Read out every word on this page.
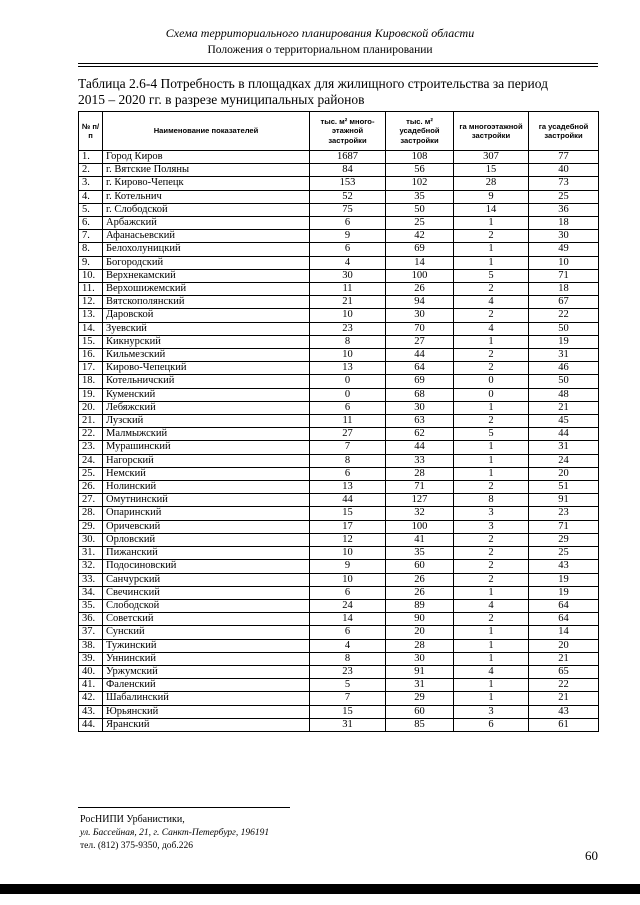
Схема территориального планирования Кировской области
Положения о территориальном планировании
Таблица 2.6-4 Потребность в площадках для жилищного строительства за период
2015 – 2020 гг. в разрезе муниципальных районов
№ п/п	Наименование показателей	тыс. м² много-этажной застройки	тыс. м² усадебной застройки	га многоэтажной застройки	га усадебной застройки
1.	Город Киров	1687	108	307	77
2.	г. Вятские Поляны	84	56	15	40
3.	г. Кирово-Чепецк	153	102	28	73
4.	г. Котельнич	52	35	9	25
5.	г. Слободской	75	50	14	36
6.	Арбажский	6	25	1	18
7.	Афанасьевский	9	42	2	30
8.	Белохолуницкий	6	69	1	49
9.	Богородский	4	14	1	10
10.	Верхнекамский	30	100	5	71
11.	Верхошижемский	11	26	2	18
12.	Вятскополянский	21	94	4	67
13.	Даровской	10	30	2	22
14.	Зуевский	23	70	4	50
15.	Кикнурский	8	27	1	19
16.	Кильмезский	10	44	2	31
17.	Кирово-Чепецкий	13	64	2	46
18.	Котельничский	0	69	0	50
19.	Куменский	0	68	0	48
20.	Лебяжский	6	30	1	21
21.	Лузский	11	63	2	45
22.	Малмыжский	27	62	5	44
23.	Мурашинский	7	44	1	31
24.	Нагорский	8	33	1	24
25.	Немский	6	28	1	20
26.	Нолинский	13	71	2	51
27.	Омутнинский	44	127	8	91
28.	Опаринский	15	32	3	23
29.	Оричевский	17	100	3	71
30.	Орловский	12	41	2	29
31.	Пижанский	10	35	2	25
32.	Подосиновский	9	60	2	43
33.	Санчурский	10	26	2	19
34.	Свечинский	6	26	1	19
35.	Слободской	24	89	4	64
36.	Советский	14	90	2	64
37.	Сунский	6	20	1	14
38.	Тужинский	4	28	1	20
39.	Уннинский	8	30	1	21
40.	Уржумский	23	91	4	65
41.	Фаленский	5	31	1	22
42.	Шабалинский	7	29	1	21
43.	Юрьянский	15	60	3	43
44.	Яранский	31	85	6	61
РосНИПИ Урбанистики,
ул. Бассейная, 21, г. Санкт-Петербург, 196191
тел. (812) 375-9350, доб.226
60
